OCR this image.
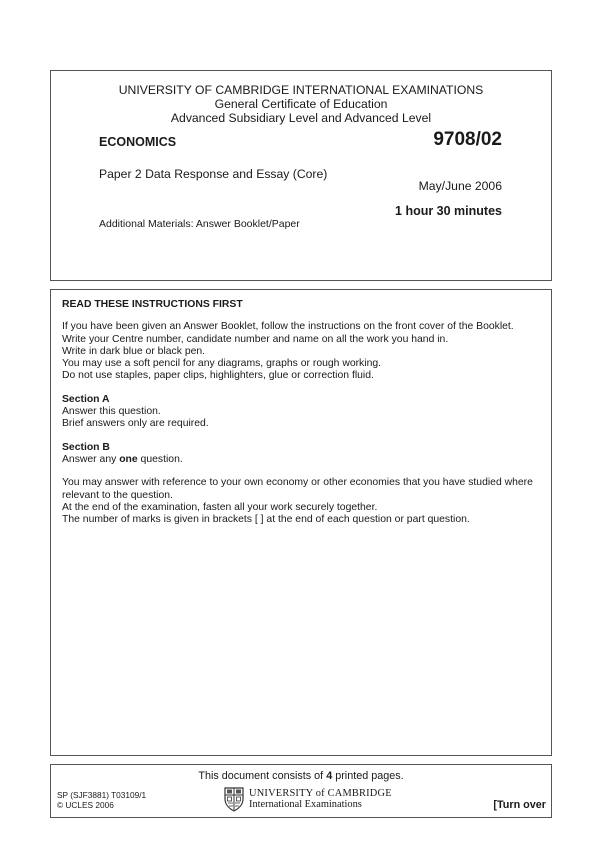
UNIVERSITY OF CAMBRIDGE INTERNATIONAL EXAMINATIONS
General Certificate of Education
Advanced Subsidiary Level and Advanced Level
ECONOMICS	9708/02
Paper 2 Data Response and Essay (Core)
May/June 2006
1 hour 30 minutes
Additional Materials: Answer Booklet/Paper
READ THESE INSTRUCTIONS FIRST
If you have been given an Answer Booklet, follow the instructions on the front cover of the Booklet.
Write your Centre number, candidate number and name on all the work you hand in.
Write in dark blue or black pen.
You may use a soft pencil for any diagrams, graphs or rough working.
Do not use staples, paper clips, highlighters, glue or correction fluid.
Section A
Answer this question.
Brief answers only are required.
Section B
Answer any one question.
You may answer with reference to your own economy or other economies that you have studied where
relevant to the question.
At the end of the examination, fasten all your work securely together.
The number of marks is given in brackets [ ] at the end of each question or part question.
This document consists of 4 printed pages.
SP (SJF3881) T03109/1
© UCLES 2006
UNIVERSITY of CAMBRIDGE
International Examinations	[Turn over
